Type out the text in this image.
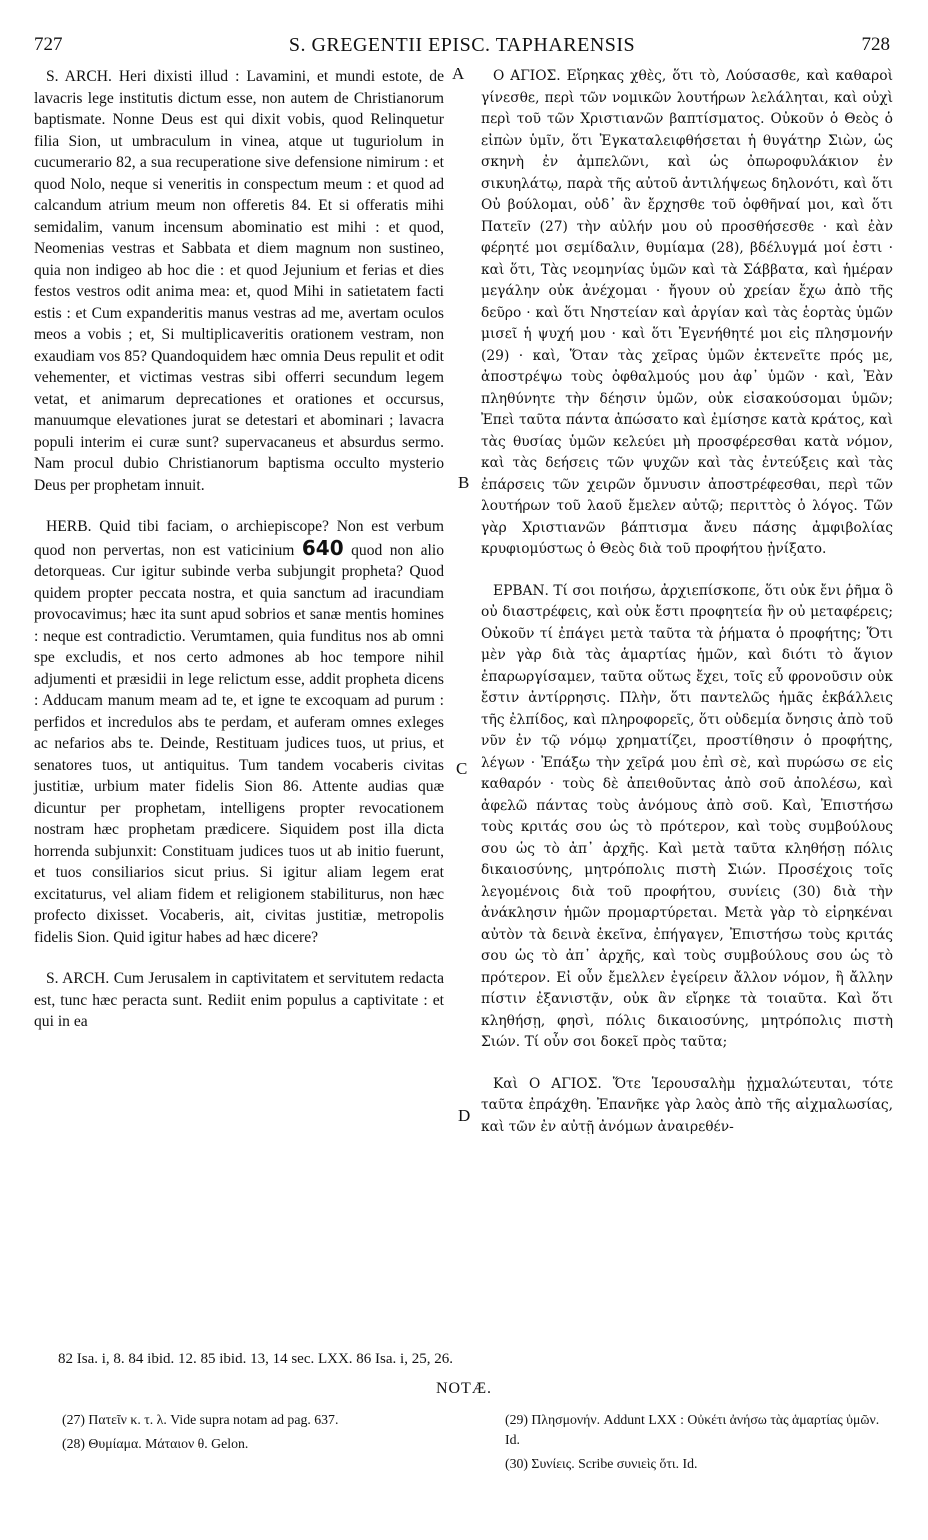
727	S. GREGENTII EPISC. TAPHARENSIS	728

S. ARCH. Heri dixisti illud : Lavamini, et mundi estote, de lavacris lege institutis dictum esse, non autem de Christianorum baptismate. Nonne Deus est qui dixit vobis, quod Relinquetur filia Sion, ut umbraculum in vinea, atque ut tuguriolum in cucumerario 82, a sua recuperatione sive defensione nimirum : et quod Nolo, neque si veneritis in conspectum meum : et quod ad calcandum atrium meum non offeretis 84. Et si offeratis mihi semidalim, vanum incensum abominatio est mihi : et quod, Neomenias vestras et Sabbata et diem magnum non sustineo, quia non indigeo ab hoc die : et quod Jejunium et ferias et dies festos vestros odit anima mea: et, quod Mihi in satietatem facti estis : et Cum expanderitis manus vestras ad me, avertam oculos meos a vobis ; et, Si multiplicaveritis orationem vestram, non exaudiam vos 85? Quandoquidem hæc omnia Deus repulit et odit vehementer, et victimas vestras sibi offerri secundum legem vetat, et animarum deprecationes et orationes et occursus, manuumque elevationes jurat se detestari et abominari ; lavacra populi interim ei curæ sunt? supervacaneus et absurdus sermo. Nam procul dubio Christianorum baptisma occulto mysterio Deus per prophetam innuit.

HERB. Quid tibi faciam, o archiepiscope? Non est verbum quod non pervertas, non est vaticinium 640 quod non alio detorqueas. Cur igitur subinde verba subjungit propheta? Quod quidem propter peccata nostra, et quia sanctum ad iracundiam provocavimus; hæc ita sunt apud sobrios et sanæ mentis homines : neque est contradictio. Verumtamen, quia funditus nos ab omni spe excludis, et nos certo admones ab hoc tempore nihil adjumenti et præsidii in lege relictum esse, addit propheta dicens : Adducam manum meam ad te, et igne te excoquam ad purum : perfidos et incredulos abs te perdam, et auferam omnes exleges ac nefarios abs te. Deinde, Restituam judices tuos, ut prius, et senatores tuos, ut antiquitus. Tum tandem vocaberis civitas justitiæ, urbium mater fidelis Sion 86. Attente audias quæ dicuntur per prophetam, intelligens propter revocationem nostram hæc prophetam prædicere. Siquidem post illa dicta horrenda subjunxit: Constituam judices tuos ut ab initio fuerunt, et tuos consiliarios sicut prius. Si igitur aliam legem erat excitaturus, vel aliam fidem et religionem stabiliturus, non hæc profecto dixisset. Vocaberis, ait, civitas justitiæ, metropolis fidelis Sion. Quid igitur habes ad hæc dicere?

S. ARCH. Cum Jerusalem in captivitatem et servitutem redacta est, tunc hæc peracta sunt. Rediit enim populus a captivitate : et qui in ea

Ο ΑΓΙΟΣ. Εἴρηκας χθὲς, ὅτι τὸ, Λούσασθε, καὶ καθαροὶ γίνεσθε, περὶ τῶν νομικῶν λουτήρων λελάληται, καὶ οὐχὶ περὶ τοῦ τῶν Χριστιανῶν βαπτίσματος. Οὐκοῦν ὁ Θεὸς ὁ εἰπὼν ὑμῖν, ὅτι Ἐγκαταλειφθήσεται ἡ θυγάτηρ Σιὼν, ὡς σκηνὴ ἐν ἀμπελῶνι, καὶ ὡς ὀπωροφυλάκιον ἐν σικυηλάτῳ, παρὰ τῆς αὐτοῦ ἀντιλήψεως δηλονότι, καὶ ὅτι Οὐ βούλομαι, οὐδ᾿ ἂν ἔρχησθε τοῦ ὀφθῆναί μοι, καὶ ὅτι Πατεῖν (27) τὴν αὐλήν μου οὐ προσθήσεσθε · καὶ ἐὰν φέρητέ μοι σεμίδαλιν, θυμίαμα (28), βδέλυγμά μοί ἐστι · καὶ ὅτι, Τὰς νεομηνίας ὑμῶν καὶ τὰ Σάββατα, καὶ ἡμέραν μεγάλην οὐκ ἀνέχομαι · ἤγουν οὐ χρείαν ἔχω ἀπὸ τῆς δεῦρο · καὶ ὅτι Νηστείαν καὶ ἀργίαν καὶ τὰς ἑορτὰς ὑμῶν μισεῖ ἡ ψυχή μου · καὶ ὅτι Ἐγενήθητέ μοι εἰς πλησμονήν (29) · καὶ, Ὅταν τὰς χεῖρας ὑμῶν ἐκτενεῖτε πρός με, ἀποστρέψω τοὺς ὀφθαλμούς μου ἀφ᾿ ὑμῶν · καὶ, Ἐὰν πληθύνητε τὴν δέησιν ὑμῶν, οὐκ εἰσακούσομαι ὑμῶν; Ἐπεὶ ταῦτα πάντα ἀπώσατο καὶ ἐμίσησε κατὰ κράτος, καὶ τὰς θυσίας ὑμῶν κελεύει μὴ προσφέρεσθαι κατὰ νόμον, καὶ τὰς δεήσεις τῶν ψυχῶν καὶ τὰς ἐντεύξεις καὶ τὰς ἐπάρσεις τῶν χειρῶν ὄμνυσιν ἀποστρέφεσθαι, περὶ τῶν λουτήρων τοῦ λαοῦ ἔμελεν αὐτῷ; περιττὸς ὁ λόγος. Τῶν γὰρ Χριστιανῶν βάπτισμα ἄνευ πάσης ἀμφιβολίας κρυφιομύστως ὁ Θεὸς διὰ τοῦ προφήτου ᾐνίξατο.

ΕΡΒΑΝ. Τί σοι ποιήσω, ἀρχιεπίσκοπε, ὅτι οὐκ ἔνι ῥῆμα ὃ οὐ διαστρέφεις, καὶ οὐκ ἔστι προφητεία ἣν οὐ μεταφέρεις; Οὐκοῦν τί ἐπάγει μετὰ ταῦτα τὰ ῥήματα ὁ προφήτης; Ὅτι μὲν γὰρ διὰ τὰς ἁμαρτίας ἡμῶν, καὶ διότι τὸ ἅγιον ἐπαρωργίσαμεν, ταῦτα οὕτως ἔχει, τοῖς εὖ φρονοῦσιν οὐκ ἔστιν ἀντίρρησις. Πλὴν, ὅτι παντελῶς ἡμᾶς ἐκβάλλεις τῆς ἐλπίδος, καὶ πληροφορεῖς, ὅτι οὐδεμία ὄνησις ἀπὸ τοῦ νῦν ἐν τῷ νόμῳ χρηματίζει, προστίθησιν ὁ προφήτης, λέγων · Ἐπάξω τὴν χεῖρά μου ἐπὶ σὲ, καὶ πυρώσω σε εἰς καθαρόν · τοὺς δὲ ἀπειθοῦντας ἀπὸ σοῦ ἀπολέσω, καὶ ἀφελῶ πάντας τοὺς ἀνόμους ἀπὸ σοῦ. Καὶ, Ἐπιστήσω τοὺς κριτάς σου ὡς τὸ πρότερον, καὶ τοὺς συμβούλους σου ὡς τὸ ἀπ᾿ ἀρχῆς. Καὶ μετὰ ταῦτα κληθήσῃ πόλις δικαιοσύνης, μητρόπολις πιστὴ Σιών. Προσέχοις τοῖς λεγομένοις διὰ τοῦ προφήτου, συνίεις (30) διὰ τὴν ἀνάκλησιν ἡμῶν προμαρτύρεται. Μετὰ γὰρ τὸ εἰρηκέναι αὐτὸν τὰ δεινὰ ἐκεῖνα, ἐπήγαγεν, Ἐπιστήσω τοὺς κριτάς σου ὡς τὸ ἀπ᾿ ἀρχῆς, καὶ τοὺς συμβούλους σου ὡς τὸ πρότερον. Εἰ οὖν ἔμελλεν ἐγείρειν ἄλλον νόμον, ἢ ἄλλην πίστιν ἐξανιστᾷν, οὐκ ἂν εἴρηκε τὰ τοιαῦτα. Καὶ ὅτι κληθήσῃ, φησὶ, πόλις δικαιοσύνης, μητρόπολις πιστὴ Σιών. Τί οὖν σοι δοκεῖ πρὸς ταῦτα;

Καὶ Ο ΑΓΙΟΣ. Ὅτε Ἱερουσαλὴμ ᾐχμαλώτευται, τότε ταῦτα ἐπράχθη. Ἐπανῆκε γὰρ λαὸς ἀπὸ τῆς αἰχμαλωσίας, καὶ τῶν ἐν αὐτῇ ἀνόμων ἀναιρεθέν-

A
B
C
D
82 Isa. i, 8. 84 ibid. 12. 85 ibid. 13, 14 sec. LXX. 86 Isa. i, 25, 26.
NOTÆ.

(27) Πατεῖν κ. τ. λ. Vide supra notam ad pag. 637.

(28) Θυμίαμα. Μάταιον θ. Gelon.

(29) Πλησμονήν. Addunt LXX : Οὐκέτι ἀνήσω τὰς ἁμαρτίας ὑμῶν. Id.

(30) Συνίεις. Scribe συνιεὶς ὅτι. Id.
